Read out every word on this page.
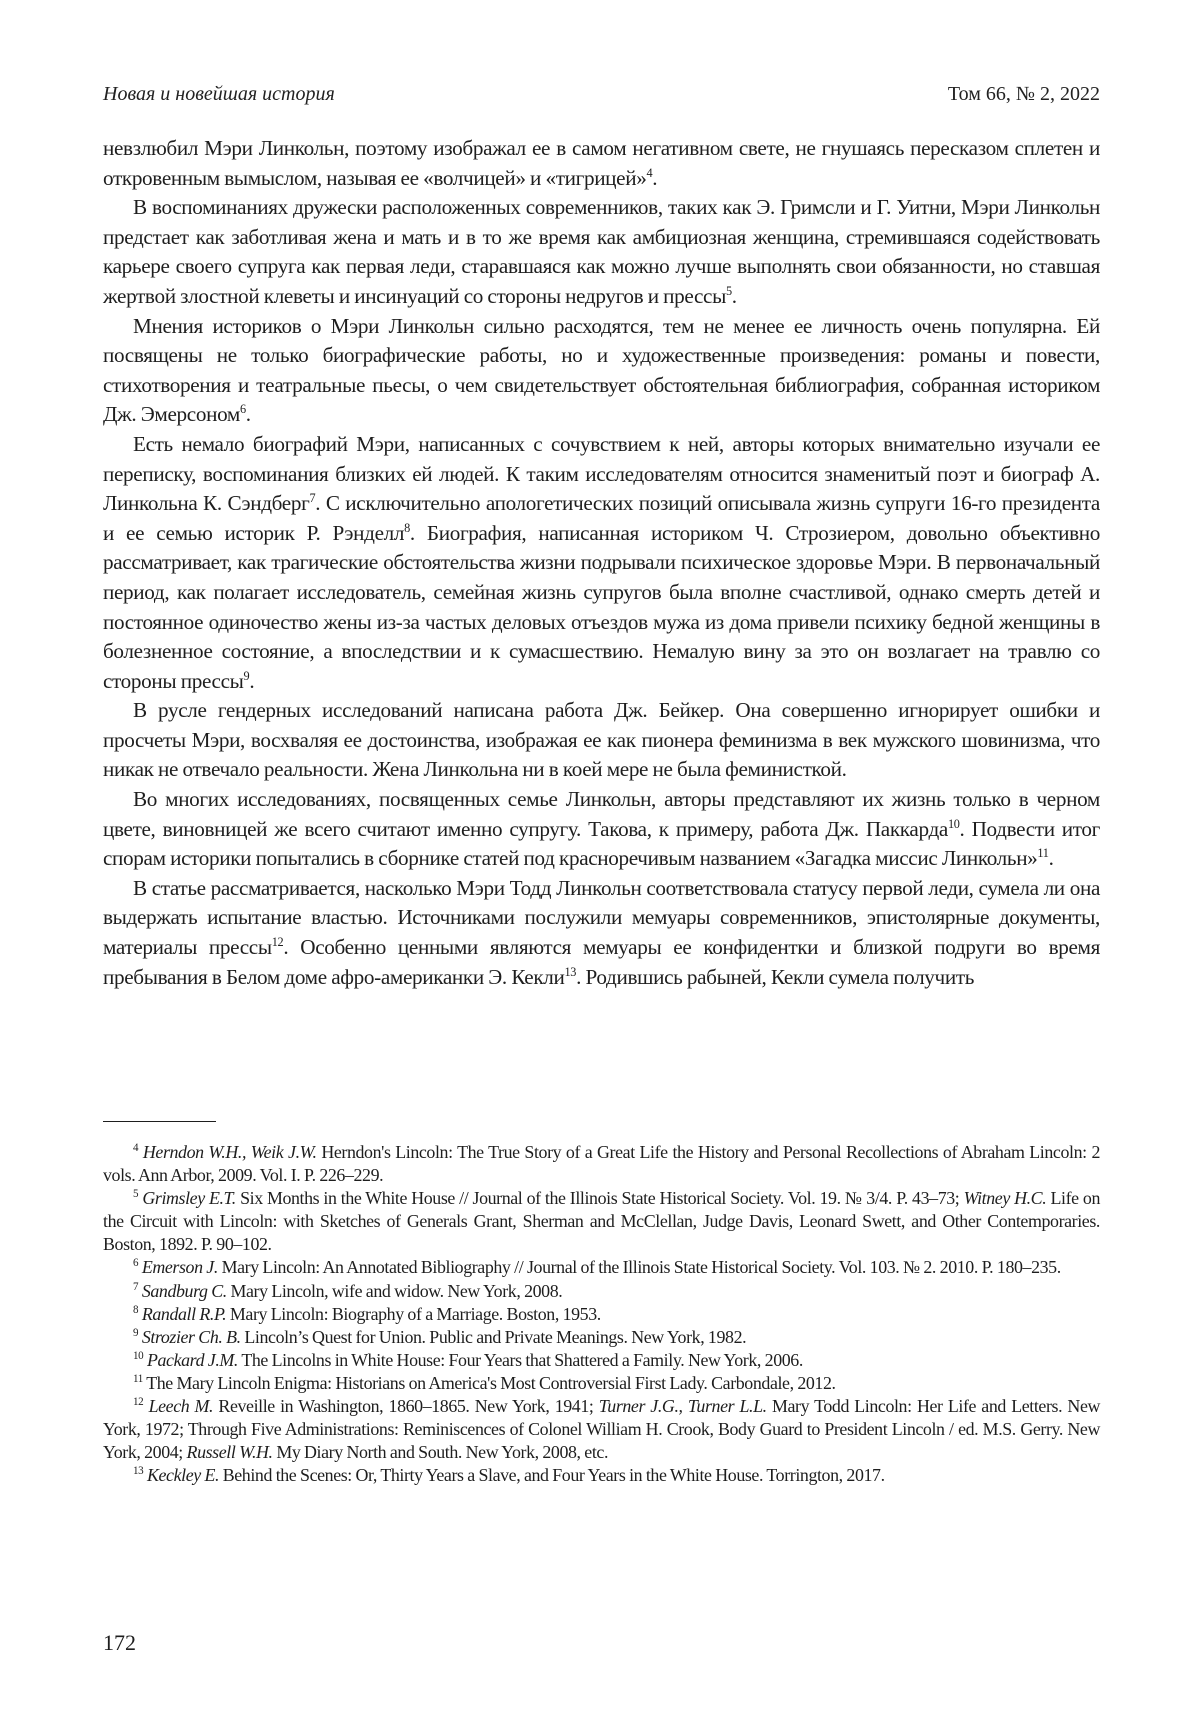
Новая и новейшая история	Том 66, № 2, 2022

невзлюбил Мэри Линкольн, поэтому изображал ее в самом негативном свете, не гнушаясь пересказом сплетен и откровенным вымыслом, называя ее «волчицей» и «тигрицей»$^4$.

В воспоминаниях дружески расположенных современников, таких как Э. Гримсли и Г. Уитни, Мэри Линкольн предстает как заботливая жена и мать и в то же время как амбициозная женщина, стремившаяся содействовать карьере своего супруга как первая леди, старавшаяся как можно лучше выполнять свои обязанности, но ставшая жертвой злостной клеветы и инсинуаций со стороны недругов и прессы$^5$.

Мнения историков о Мэри Линкольн сильно расходятся, тем не менее ее личность очень популярна. Ей посвящены не только биографические работы, но и художественные произведения: романы и повести, стихотворения и театральные пьесы, о чем свидетельствует обстоятельная библиография, собранная историком Дж. Эмерсоном$^6$.

Есть немало биографий Мэри, написанных с сочувствием к ней, авторы которых внимательно изучали ее переписку, воспоминания близких ей людей. К таким исследователям относится знаменитый поэт и биограф А. Линкольна К. Сэндберг$^7$. С исключительно апологетических позиций описывала жизнь супруги 16-го президента и ее семью историк Р. Рэнделл$^8$. Биография, написанная историком Ч. Строзиером, довольно объективно рассматривает, как трагические обстоятельства жизни подрывали психическое здоровье Мэри. В первоначальный период, как полагает исследователь, семейная жизнь супругов была вполне счастливой, однако смерть детей и постоянное одиночество жены из-за частых деловых отъездов мужа из дома привели психику бедной женщины в болезненное состояние, а впоследствии и к сумасшествию. Немалую вину за это он возлагает на травлю со стороны прессы$^9$.

В русле гендерных исследований написана работа Дж. Бейкер. Она совершенно игнорирует ошибки и просчеты Мэри, восхваляя ее достоинства, изображая ее как пионера феминизма в век мужского шовинизма, что никак не отвечало реальности. Жена Линкольна ни в коей мере не была феминисткой.

Во многих исследованиях, посвященных семье Линкольн, авторы представляют их жизнь только в черном цвете, виновницей же всего считают именно супругу. Такова, к примеру, работа Дж. Паккарда$^{10}$. Подвести итог спорам историки попытались в сборнике статей под красноречивым названием «Загадка миссис Линкольн»$^{11}$.

В статье рассматривается, насколько Мэри Тодд Линкольн соответствовала статусу первой леди, сумела ли она выдержать испытание властью. Источниками послужили мемуары современников, эпистолярные документы, материалы прессы$^{12}$. Особенно ценными являются мемуары ее конфидентки и близкой подруги во время пребывания в Белом доме афро-американки Э. Кекли$^{13}$. Родившись рабыней, Кекли сумела получить

$^4$ Herndon W.H., Weik J.W. Herndon's Lincoln: The True Story of a Great Life the History and Personal Recollections of Abraham Lincoln: 2 vols. Ann Arbor, 2009. Vol. I. P. 226–229.

$^5$ Grimsley E.T. Six Months in the White House // Journal of the Illinois State Historical Society. Vol. 19. № 3/4. P. 43–73; Witney H.C. Life on the Circuit with Lincoln: with Sketches of Generals Grant, Sherman and McClellan, Judge Davis, Leonard Swett, and Other Contemporaries. Boston, 1892. P. 90–102.

$^6$ Emerson J. Mary Lincoln: An Annotated Bibliography // Journal of the Illinois State Historical Society. Vol. 103. № 2. 2010. P. 180–235.

$^7$ Sandburg C. Mary Lincoln, wife and widow. New York, 2008.

$^8$ Randall R.P. Mary Lincoln: Biography of a Marriage. Boston, 1953.

$^9$ Strozier Ch. B. Lincoln’s Quest for Union. Public and Private Meanings. New York, 1982.

$^{10}$ Packard J.M. The Lincolns in White House: Four Years that Shattered a Family. New York, 2006.

$^{11}$ The Mary Lincoln Enigma: Historians on America's Most Controversial First Lady. Carbondale, 2012.

$^{12}$ Leech M. Reveille in Washington, 1860–1865. New York, 1941; Turner J.G., Turner L.L. Mary Todd Lincoln: Her Life and Letters. New York, 1972; Through Five Administrations: Reminiscences of Colonel William H. Crook, Body Guard to President Lincoln / ed. M.S. Gerry. New York, 2004; Russell W.H. My Diary North and South. New York, 2008, etc.

$^{13}$ Keckley E. Behind the Scenes: Or, Thirty Years a Slave, and Four Years in the White House. Torrington, 2017.

172
